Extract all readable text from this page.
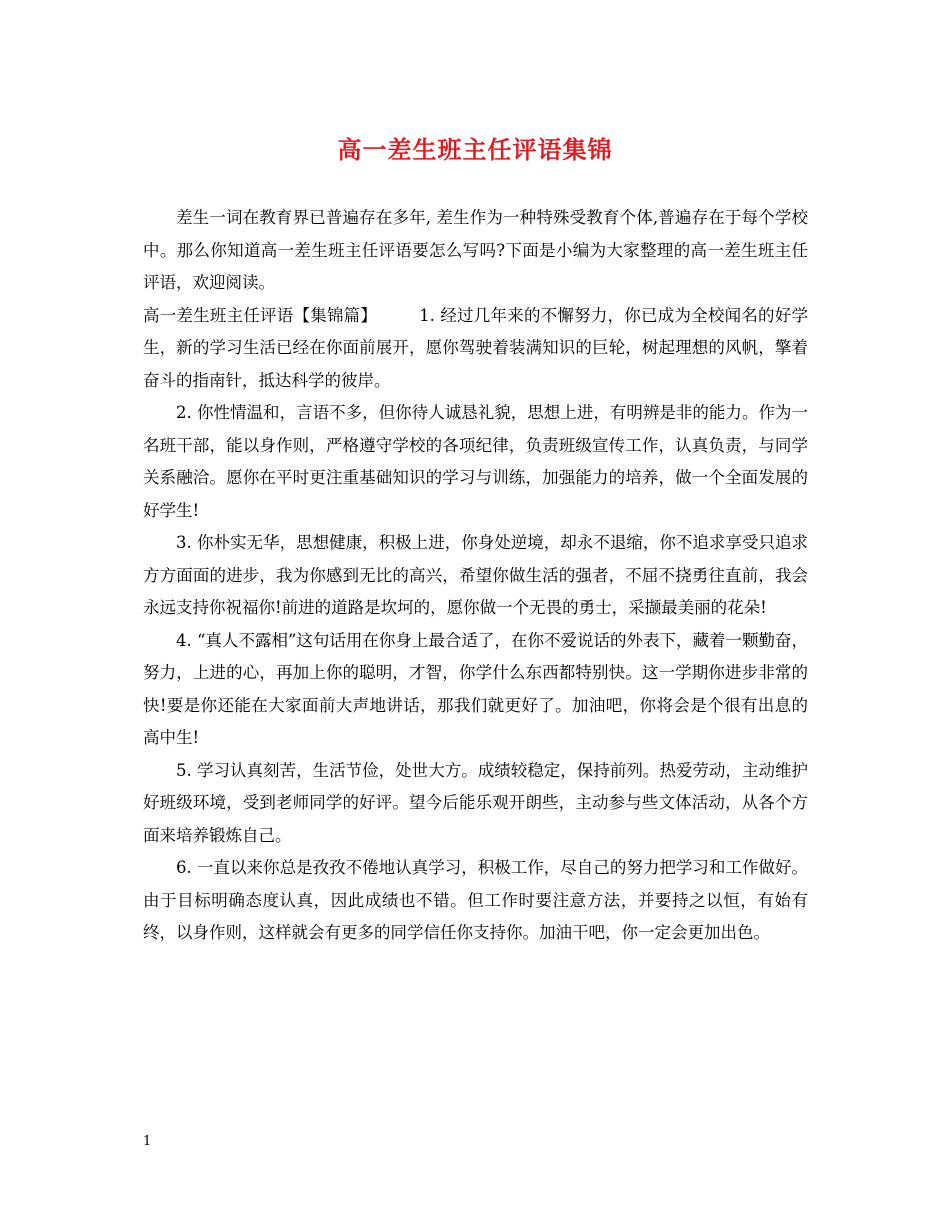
高一差生班主任评语集锦

差生一词在教育界已普遍存在多年, 差生作为一种特殊受教育个体,普遍存在于每个学校中。那么你知道高一差生班主任评语要怎么写吗?下面是小编为大家整理的高一差生班主任评语，欢迎阅读。

高一差生班主任评语【集锦篇】	1. 经过几年来的不懈努力，你已成为全校闻名的好学生，新的学习生活已经在你面前展开，愿你驾驶着装满知识的巨轮，树起理想的风帆，擎着奋斗的指南针，抵达科学的彼岸。

2. 你性情温和，言语不多，但你待人诚恳礼貌，思想上进，有明辨是非的能力。作为一名班干部，能以身作则，严格遵守学校的各项纪律，负责班级宣传工作，认真负责，与同学关系融洽。愿你在平时更注重基础知识的学习与训练，加强能力的培养，做一个全面发展的好学生!

3. 你朴实无华，思想健康，积极上进，你身处逆境，却永不退缩，你不追求享受只追求方方面面的进步，我为你感到无比的高兴，希望你做生活的强者，不屈不挠勇往直前，我会永远支持你祝福你!前进的道路是坎坷的，愿你做一个无畏的勇士，采撷最美丽的花朵!

4. “真人不露相”这句话用在你身上最合适了，在你不爱说话的外表下，藏着一颗勤奋，努力，上进的心，再加上你的聪明，才智，你学什么东西都特别快。这一学期你进步非常的快!要是你还能在大家面前大声地讲话，那我们就更好了。加油吧，你将会是个很有出息的高中生!

5. 学习认真刻苦，生活节俭，处世大方。成绩较稳定，保持前列。热爱劳动，主动维护好班级环境，受到老师同学的好评。望今后能乐观开朗些，主动参与些文体活动，从各个方面来培养锻炼自己。

6. 一直以来你总是孜孜不倦地认真学习，积极工作，尽自己的努力把学习和工作做好。由于目标明确态度认真，因此成绩也不错。但工作时要注意方法，并要持之以恒，有始有终，以身作则，这样就会有更多的同学信任你支持你。加油干吧，你一定会更加出色。

1
